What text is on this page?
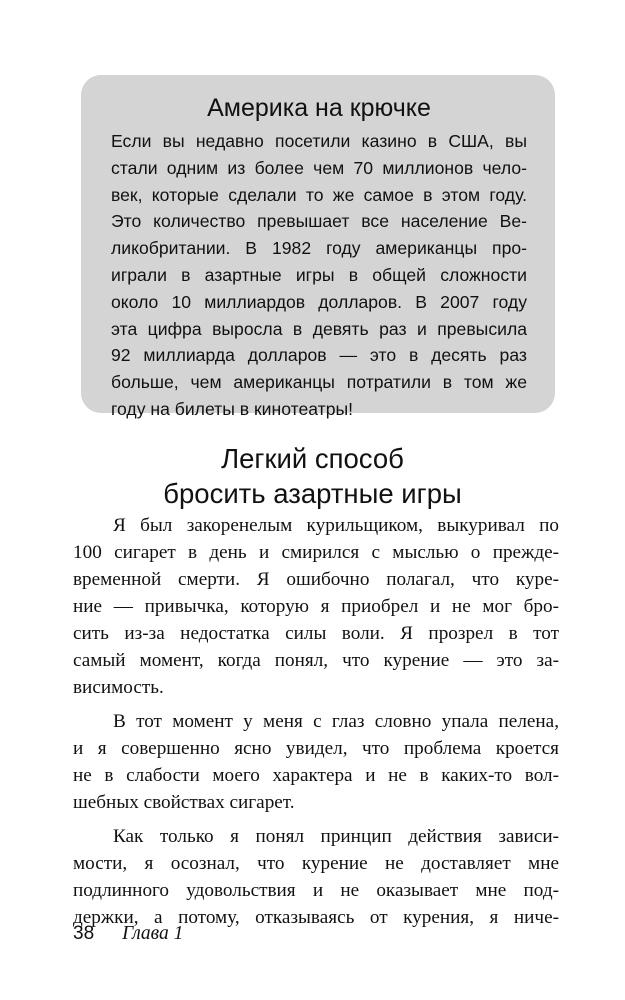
Америка на крючке
Если вы недавно посетили казино в США, вы
стали одним из более чем 70 миллионов чело-
век, которые сделали то же самое в этом году.
Это количество превышает все население Ве-
ликобритании. В 1982 году американцы про-
играли в азартные игры в общей сложности
около 10 миллиардов долларов. В 2007 году
эта цифра выросла в девять раз и превысила
92 миллиарда долларов — это в десять раз
больше, чем американцы потратили в том же
году на билеты в кинотеатры!
Легкий способ
бросить азартные игры
Я был закоренелым курильщиком, выкуривал по
100 сигарет в день и смирился с мыслью о прежде-
временной смерти. Я ошибочно полагал, что куре-
ние — привычка, которую я приобрел и не мог бро-
сить из-за недостатка силы воли. Я прозрел в тот
самый момент, когда понял, что курение — это за-
висимость.
В тот момент у меня с глаз словно упала пелена,
и я совершенно ясно увидел, что проблема кроется
не в слабости моего характера и не в каких-то вол-
шебных свойствах сигарет.
Как только я понял принцип действия зависи-
мости, я осознал, что курение не доставляет мне
подлинного удовольствия и не оказывает мне под-
держки, а потому, отказываясь от курения, я ниче-
38 Глава 1
